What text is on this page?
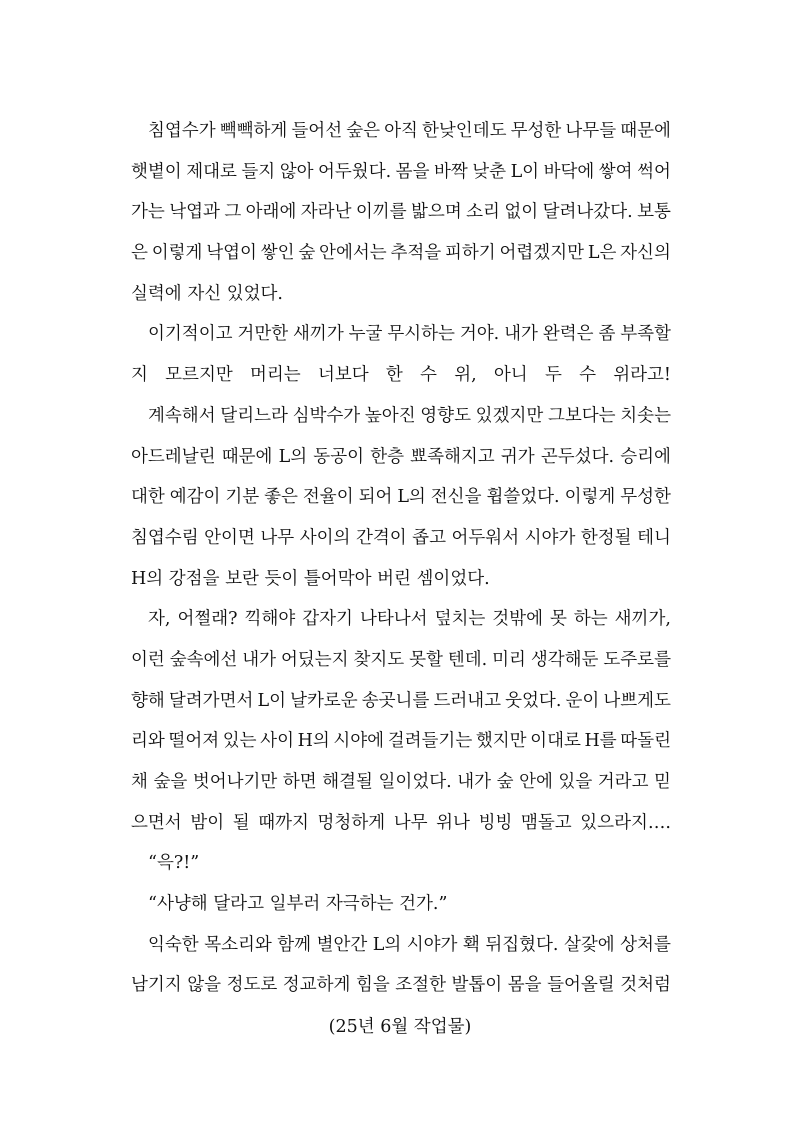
침엽수가 빽빽하게 들어선 숲은 아직 한낮인데도 무성한 나무들 때문에
햇볕이 제대로 들지 않아 어두웠다. 몸을 바짝 낮춘 L이 바닥에 쌓여 썩어
가는 낙엽과 그 아래에 자라난 이끼를 밟으며 소리 없이 달려나갔다. 보통
은 이렇게 낙엽이 쌓인 숲 안에서는 추적을 피하기 어렵겠지만 L은 자신의
실력에 자신 있었다.
이기적이고 거만한 새끼가 누굴 무시하는 거야. 내가 완력은 좀 부족할
지 모르지만 머리는 너보다 한 수 위, 아니 두 수 위라고!
계속해서 달리느라 심박수가 높아진 영향도 있겠지만 그보다는 치솟는
아드레날린 때문에 L의 동공이 한층 뾰족해지고 귀가 곤두섰다. 승리에
대한 예감이 기분 좋은 전율이 되어 L의 전신을 휩쓸었다. 이렇게 무성한
침엽수림 안이면 나무 사이의 간격이 좁고 어두워서 시야가 한정될 테니
H의 강점을 보란 듯이 틀어막아 버린 셈이었다.
자, 어쩔래? 끽해야 갑자기 나타나서 덮치는 것밖에 못 하는 새끼가,
이런 숲속에선 내가 어딨는지 찾지도 못할 텐데. 미리 생각해둔 도주로를
향해 달려가면서 L이 날카로운 송곳니를 드러내고 웃었다. 운이 나쁘게도
리와 떨어져 있는 사이 H의 시야에 걸려들기는 했지만 이대로 H를 따돌린
채 숲을 벗어나기만 하면 해결될 일이었다. 내가 숲 안에 있을 거라고 믿
으면서 밤이 될 때까지 멍청하게 나무 위나 빙빙 맴돌고 있으라지….
“윽?!”
“사냥해 달라고 일부러 자극하는 건가.”
익숙한 목소리와 함께 별안간 L의 시야가 홱 뒤집혔다. 살갗에 상처를
남기지 않을 정도로 정교하게 힘을 조절한 발톱이 몸을 들어올릴 것처럼
(25년 6월 작업물)
